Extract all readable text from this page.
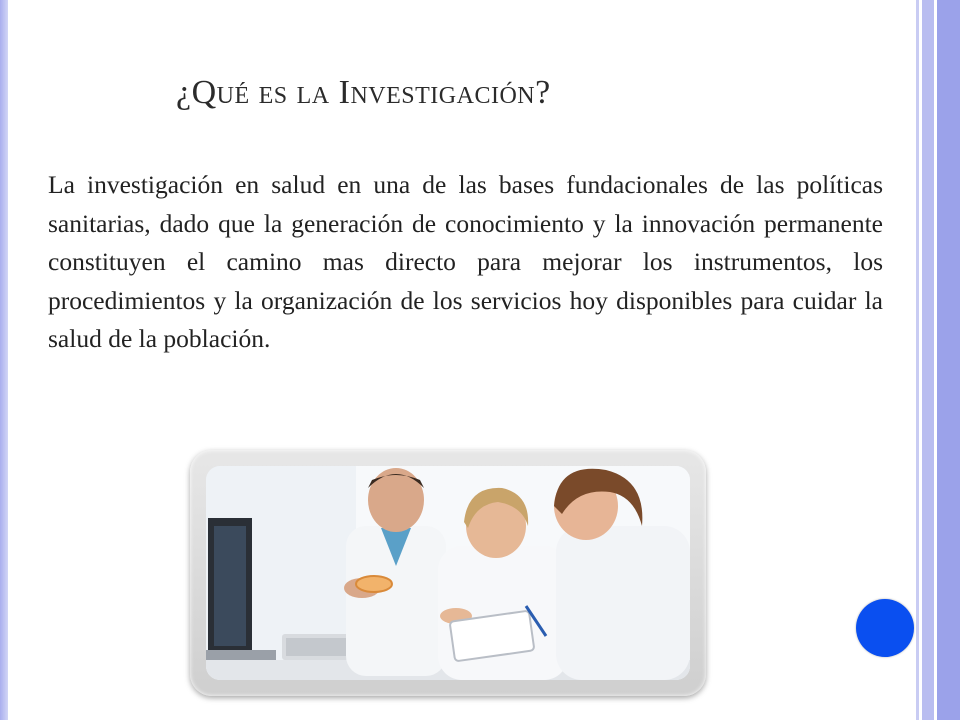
¿Qué es la Investigación?

La investigación en salud en una de las bases fundacionales de las políticas sanitarias, dado que la generación de conocimiento y la innovación permanente constituyen el camino mas directo para mejorar los instrumentos, los procedimientos y la organización de los servicios hoy disponibles para cuidar la salud de la población.
